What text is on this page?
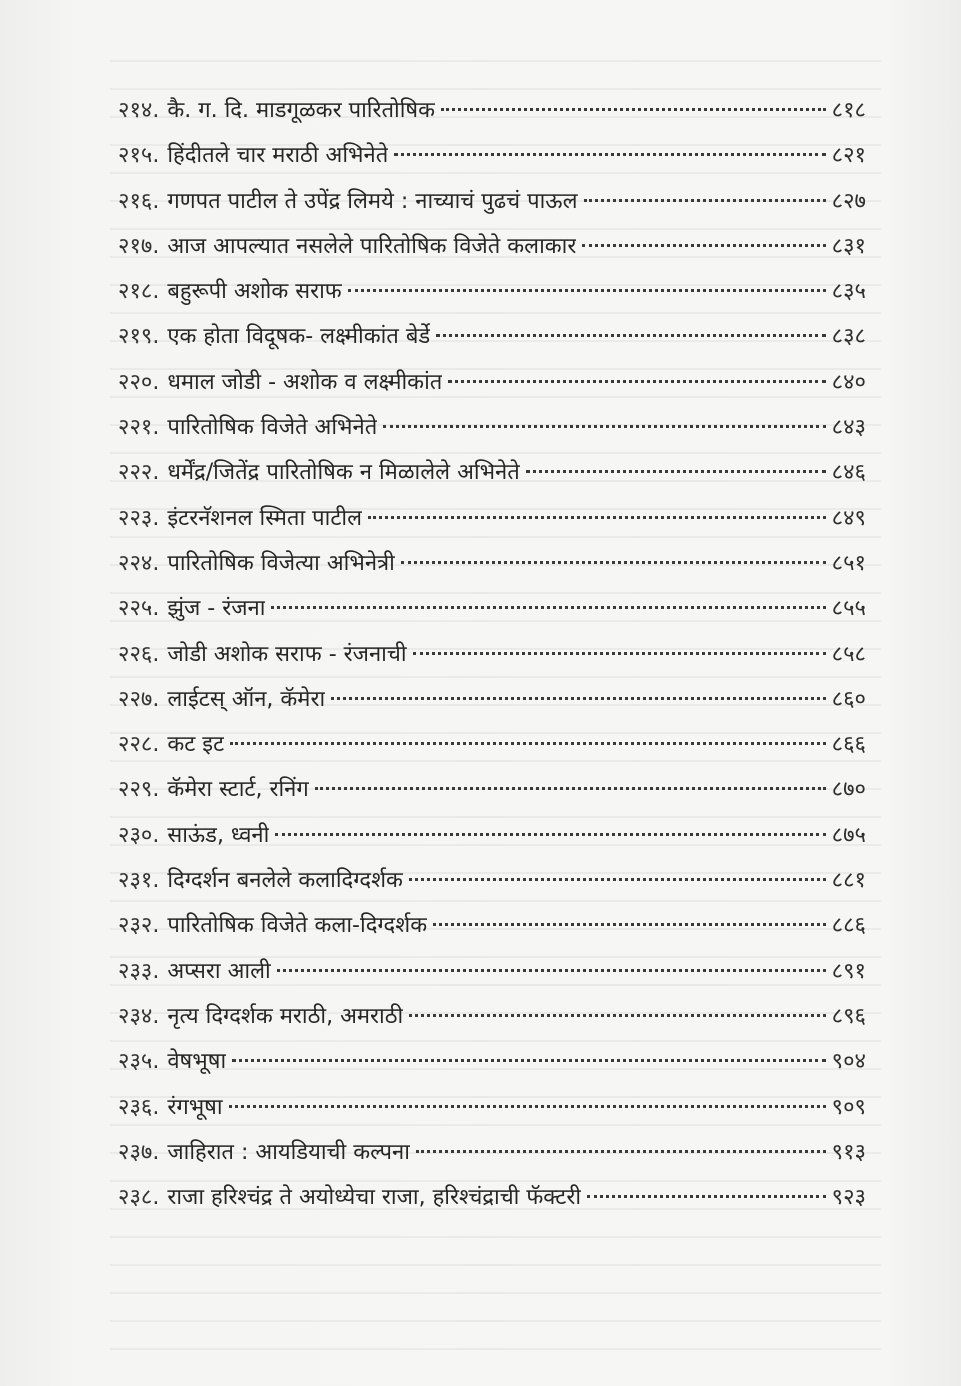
२१४. कै. ग. दि. माडगूळकर पारितोषिक	८१८
२१५. हिंदीतले चार मराठी अभिनेते	८२१
२१६. गणपत पाटील ते उपेंद्र लिमये : नाच्याचं पुढचं पाऊल	८२७
२१७. आज आपल्यात नसलेले पारितोषिक विजेते कलाकार	८३१
२१८. बहुरूपी अशोक सराफ	८३५
२१९. एक होता विदूषक- लक्ष्मीकांत बेर्डे	८३८
२२०. धमाल जोडी - अशोक व लक्ष्मीकांत	८४०
२२१. पारितोषिक विजेते अभिनेते	८४३
२२२. धर्मेंद्र/जितेंद्र पारितोषिक न मिळालेले अभिनेते	८४६
२२३. इंटरनॅशनल स्मिता पाटील	८४९
२२४. पारितोषिक विजेत्या अभिनेत्री	८५१
२२५. झुंज - रंजना	८५५
२२६. जोडी अशोक सराफ - रंजनाची	८५८
२२७. लाईटस् ऑन, कॅमेरा	८६०
२२८. कट इट	८६६
२२९. कॅमेरा स्टार्ट, रनिंग	८७०
२३०. साऊंड, ध्वनी	८७५
२३१. दिग्दर्शन बनलेले कलादिग्दर्शक	८८१
२३२. पारितोषिक विजेते कला-दिग्दर्शक	८८६
२३३. अप्सरा आली	८९१
२३४. नृत्य दिग्दर्शक मराठी, अमराठी	८९६
२३५. वेषभूषा	९०४
२३६. रंगभूषा	९०९
२३७. जाहिरात : आयडियाची कल्पना	९१३
२३८. राजा हरिश्चंद्र ते अयोध्येचा राजा, हरिश्चंद्राची फॅक्टरी	९२३
